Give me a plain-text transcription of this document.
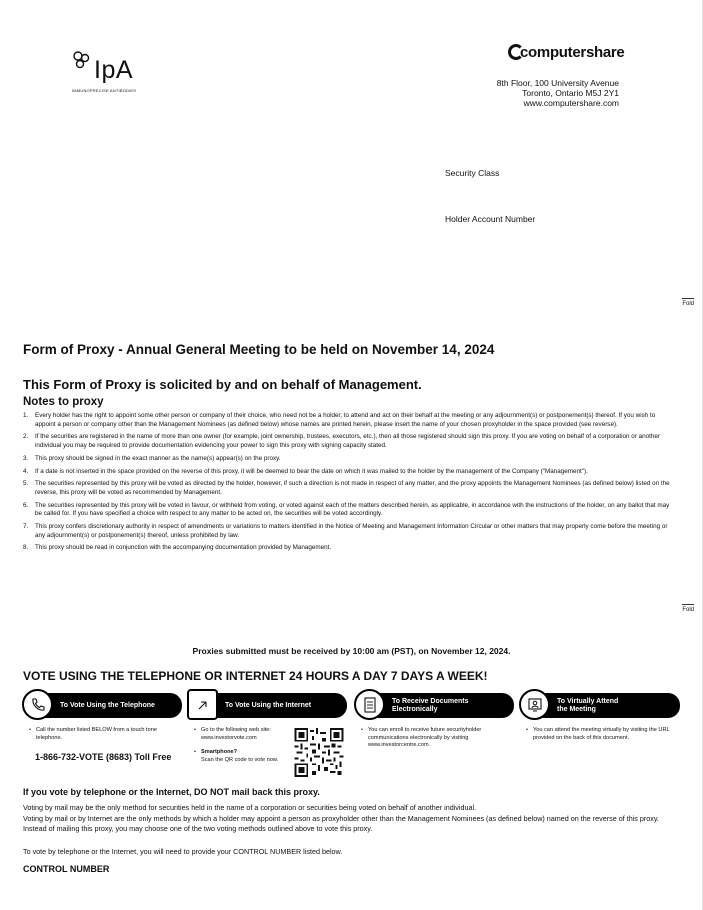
IpA
IMMUNOPRECISE ANTIBODIES
computershare
8th Floor, 100 University Avenue
Toronto, Ontario M5J 2Y1
www.computershare.com
Security Class
Holder Account Number
Fold
Fold
Form of Proxy - Annual General Meeting to be held on November 14, 2024
This Form of Proxy is solicited by and on behalf of Management.
Notes to proxy
1. Every holder has the right to appoint some other person or company of their choice, who need not be a holder, to attend and act on their behalf at the meeting or any adjournment(s) or postponement(s) thereof. If you wish to appoint a person or company other than the Management Nominees (as defined below) whose names are printed herein, please insert the name of your chosen proxyholder in the space provided (see reverse).
2. If the securities are registered in the name of more than one owner (for example, joint ownership, trustees, executors, etc.), then all those registered should sign this proxy. If you are voting on behalf of a corporation or another individual you may be required to provide documentation evidencing your power to sign this proxy with signing capacity stated.
3. This proxy should be signed in the exact manner as the name(s) appear(s) on the proxy.
4. If a date is not inserted in the space provided on the reverse of this proxy, it will be deemed to bear the date on which it was mailed to the holder by the management of the Company ("Management").
5. The securities represented by this proxy will be voted as directed by the holder, however, if such a direction is not made in respect of any matter, and the proxy appoints the Management Nominees (as defined below) listed on the reverse, this proxy will be voted as recommended by Management.
6. The securities represented by this proxy will be voted in favour, or withheld from voting, or voted against each of the matters described herein, as applicable, in accordance with the instructions of the holder, on any ballot that may be called for. If you have specified a choice with respect to any matter to be acted on, the securities will be voted accordingly.
7. This proxy confers discretionary authority in respect of amendments or variations to matters identified in the Notice of Meeting and Management Information Circular or other matters that may properly come before the meeting or any adjournment(s) or postponement(s) thereof, unless prohibited by law.
8. This proxy should be read in conjunction with the accompanying documentation provided by Management.
Proxies submitted must be received by 10:00 am (PST), on November 12, 2024.
VOTE USING THE TELEPHONE OR INTERNET 24 HOURS A DAY 7 DAYS A WEEK!
To Vote Using the Telephone	To Vote Using the Internet
To Receive Documents
Electronically
To Virtually Attend
the Meeting
• Call the number listed BELOW from a touch tone telephone.
1-866-732-VOTE (8683) Toll Free
• Go to the following web site: www.investorvote.com
• Smartphone?
Scan the QR code to vote now.
• You can enroll to receive future securityholder communications electronically by visiting www.investorcentre.com.
• You can attend the meeting virtually by visiting the URL provided on the back of this document.
If you vote by telephone or the Internet, DO NOT mail back this proxy.
Voting by mail may be the only method for securities held in the name of a corporation or securities being voted on behalf of another individual.
Voting by mail or by Internet are the only methods by which a holder may appoint a person as proxyholder other than the Management Nominees (as defined below) named on the reverse of this proxy. Instead of mailing this proxy, you may choose one of the two voting methods outlined above to vote this proxy.
To vote by telephone or the Internet, you will need to provide your CONTROL NUMBER listed below.
CONTROL NUMBER
